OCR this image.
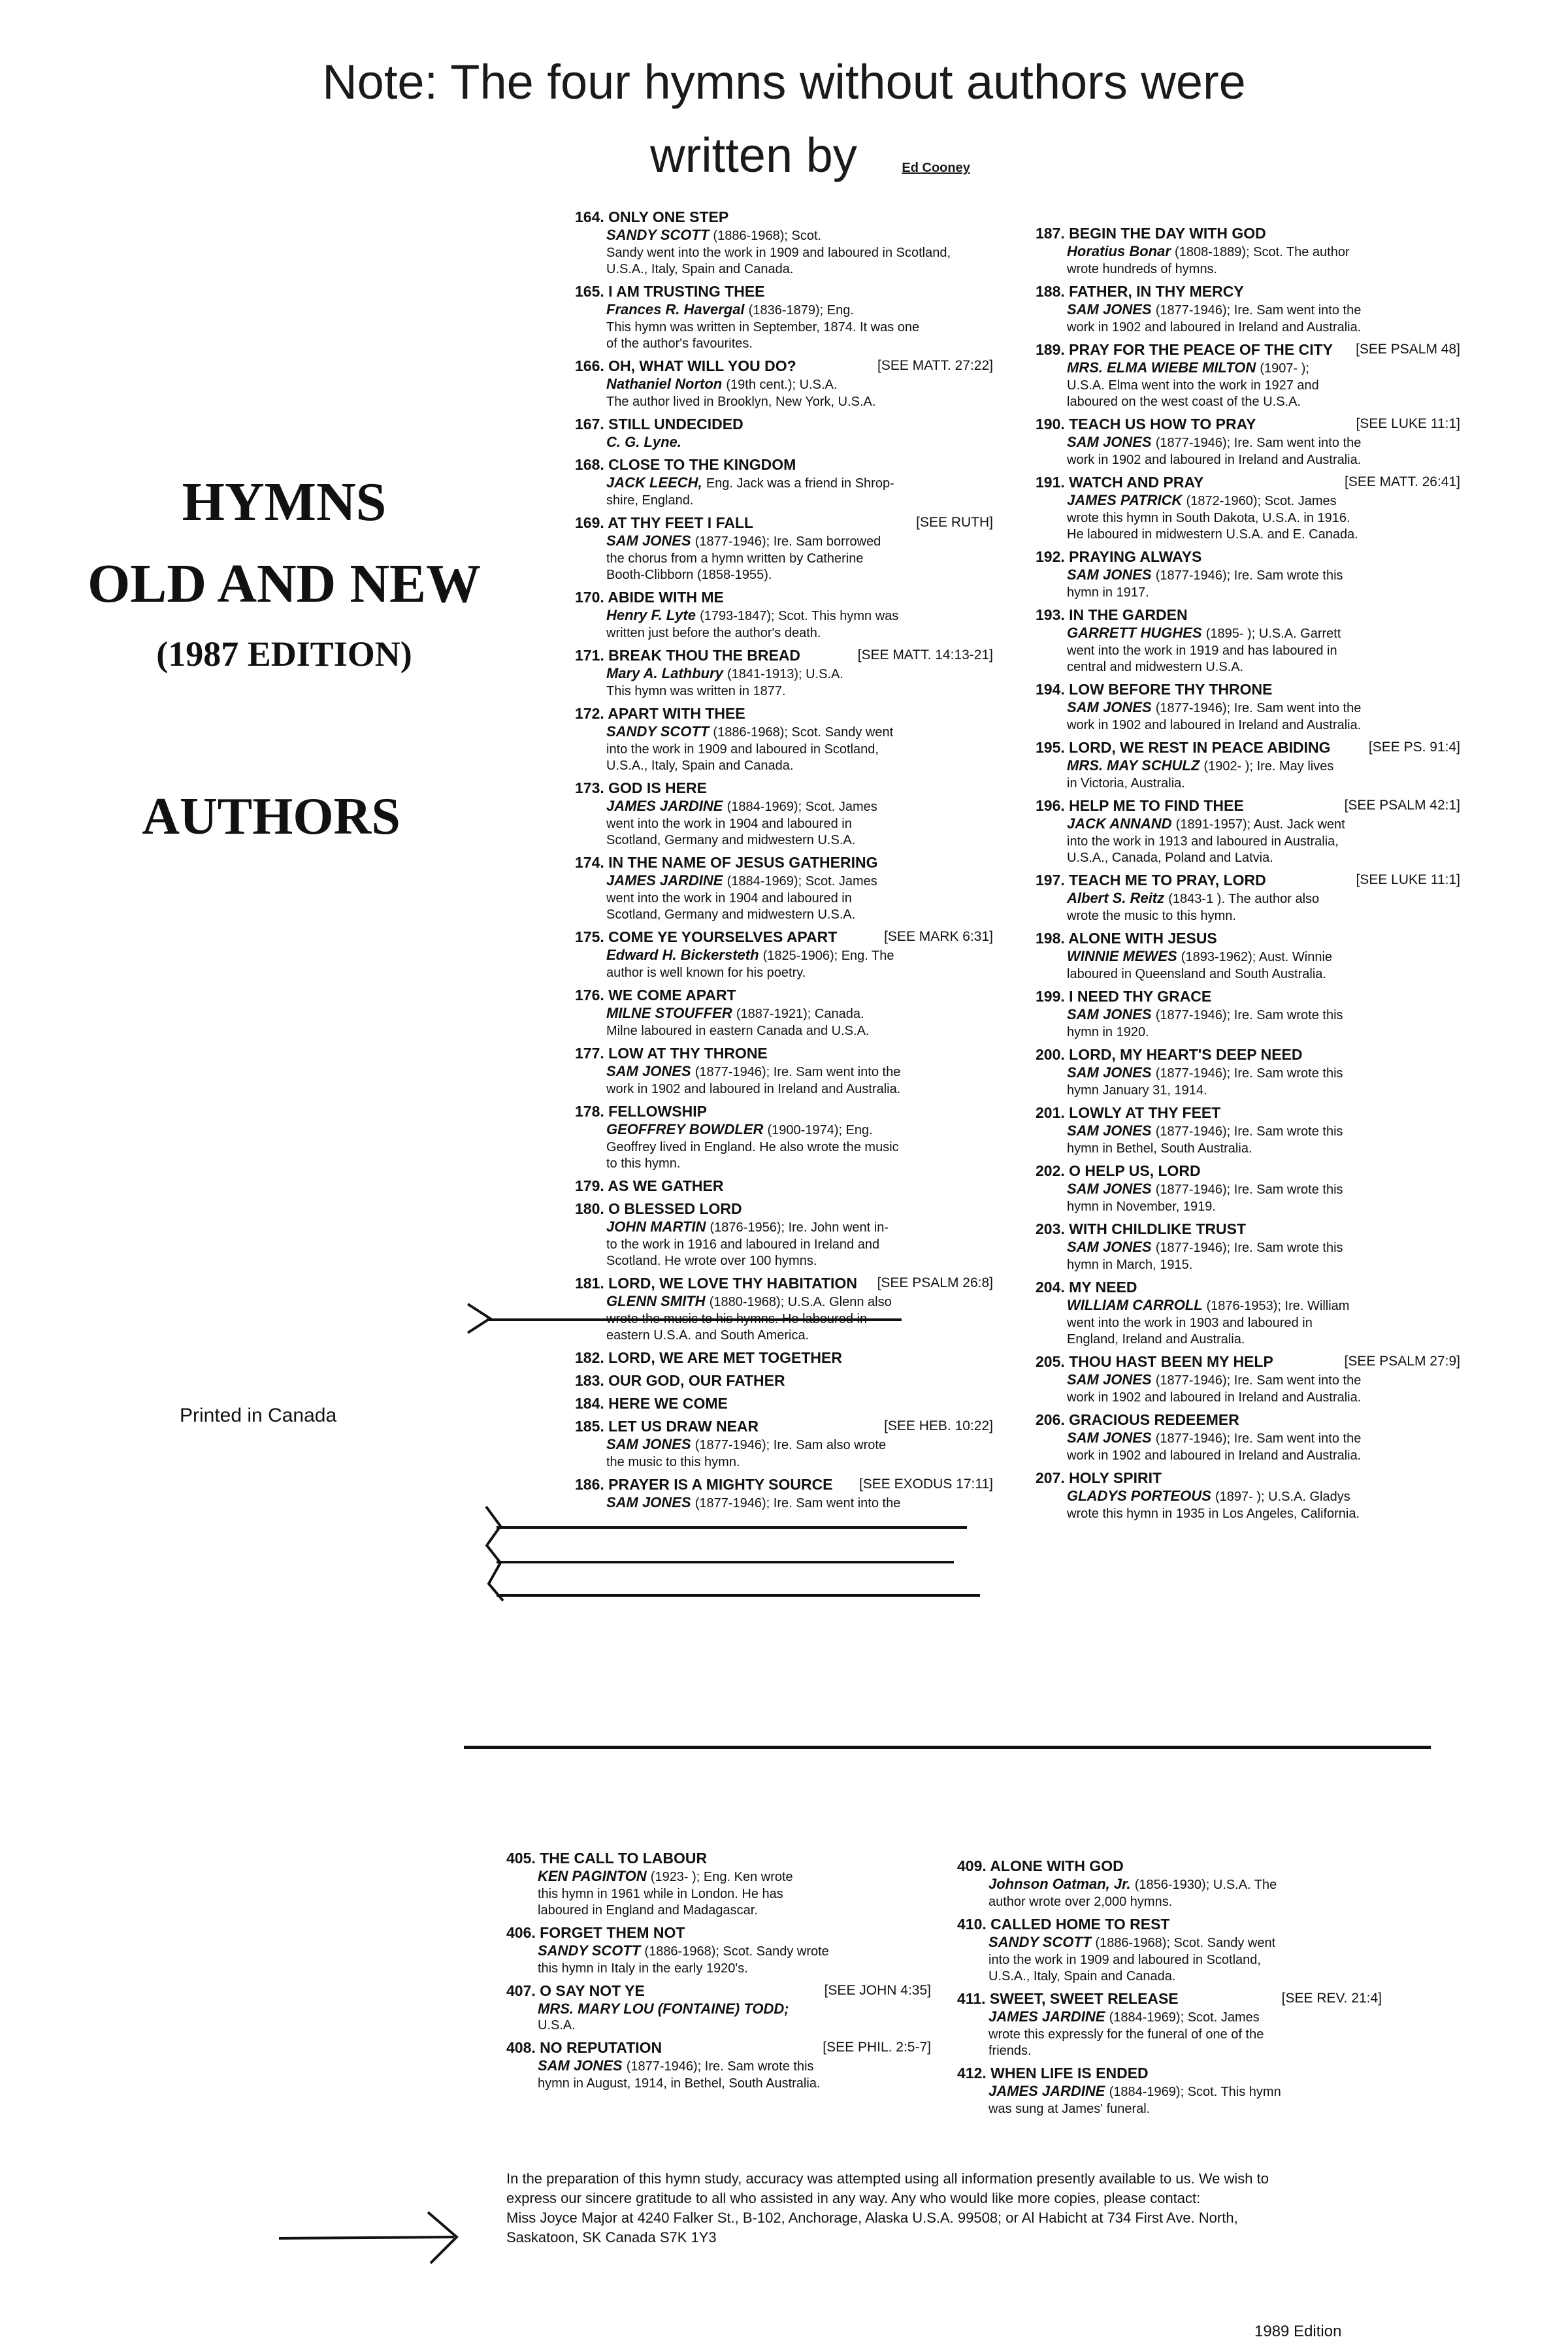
Note: The four hymns without authors were
written by Ed Cooney
HYMNS
OLD AND NEW
(1987 EDITION)
AUTHORS
Printed in Canada
164. ONLY ONE STEP
SANDY SCOTT (1886-1968); Scot.
Sandy went into the work in 1909 and laboured in Scotland,
U.S.A., Italy, Spain and Canada.
165. I AM TRUSTING THEE
Frances R. Havergal (1836-1879); Eng.
This hymn was written in September, 1874. It was one
of the author's favourites.
166. OH, WHAT WILL YOU DO?	[SEE MATT. 27:22]
Nathaniel Norton (19th cent.); U.S.A.
The author lived in Brooklyn, New York, U.S.A.
167. STILL UNDECIDED
C. G. Lyne.
168. CLOSE TO THE KINGDOM
JACK LEECH, Eng. Jack was a friend in Shrop-
shire, England.
169. AT THY FEET I FALL	[SEE RUTH]
SAM JONES (1877-1946); Ire. Sam borrowed
the chorus from a hymn written by Catherine
Booth-Clibborn (1858-1955).
170. ABIDE WITH ME
Henry F. Lyte (1793-1847); Scot. This hymn was
written just before the author's death.
171. BREAK THOU THE BREAD	[SEE MATT. 14:13-21]
Mary A. Lathbury (1841-1913); U.S.A.
This hymn was written in 1877.
172. APART WITH THEE
SANDY SCOTT (1886-1968); Scot. Sandy went
into the work in 1909 and laboured in Scotland,
U.S.A., Italy, Spain and Canada.
173. GOD IS HERE
JAMES JARDINE (1884-1969); Scot. James
went into the work in 1904 and laboured in
Scotland, Germany and midwestern U.S.A.
174. IN THE NAME OF JESUS GATHERING
JAMES JARDINE (1884-1969); Scot. James
went into the work in 1904 and laboured in
Scotland, Germany and midwestern U.S.A.
175. COME YE YOURSELVES APART	[SEE MARK 6:31]
Edward H. Bickersteth (1825-1906); Eng. The
author is well known for his poetry.
176. WE COME APART
MILNE STOUFFER (1887-1921); Canada.
Milne laboured in eastern Canada and U.S.A.
177. LOW AT THY THRONE
SAM JONES (1877-1946); Ire. Sam went into the
work in 1902 and laboured in Ireland and Australia.
178. FELLOWSHIP
GEOFFREY BOWDLER (1900-1974); Eng.
Geoffrey lived in England. He also wrote the music
to this hymn.
179. AS WE GATHER
180. O BLESSED LORD
JOHN MARTIN (1876-1956); Ire. John went in-
to the work in 1916 and laboured in Ireland and
Scotland. He wrote over 100 hymns.
181. LORD, WE LOVE THY HABITATION [SEE PSALM 26:8]
GLENN SMITH (1880-1968); U.S.A. Glenn also
eastern U.S.A. and South America.
182. LORD, WE ARE MET TOGETHER
183. OUR GOD, OUR FATHER
184. HERE WE COME
185. LET US DRAW NEAR	[SEE HEB. 10:22]
SAM JONES (1877-1946); Ire. Sam also wrote
the music to this hymn.
186. PRAYER IS A MIGHTY SOURCE [SEE EXODUS 17:11]
SAM JONES (1877-1946); Ire. Sam went into the
187. BEGIN THE DAY WITH GOD
Horatius Bonar (1808-1889); Scot. The author
wrote hundreds of hymns.
188. FATHER, IN THY MERCY
SAM JONES (1877-1946); Ire. Sam went into the
work in 1902 and laboured in Ireland and Australia.
189. PRAY FOR THE PEACE OF THE CITY [SEE PSALM 48]
MRS. ELMA WIEBE MILTON (1907- );
U.S.A. Elma went into the work in 1927 and
laboured on the west coast of the U.S.A.
190. TEACH US HOW TO PRAY	[SEE LUKE 11:1]
SAM JONES (1877-1946); Ire. Sam went into the
work in 1902 and laboured in Ireland and Australia.
191. WATCH AND PRAY	[SEE MATT. 26:41]
JAMES PATRICK (1872-1960); Scot. James
wrote this hymn in South Dakota, U.S.A. in 1916.
He laboured in midwestern U.S.A. and E. Canada.
192. PRAYING ALWAYS
SAM JONES (1877-1946); Ire. Sam wrote this
hymn in 1917.
193. IN THE GARDEN
GARRETT HUGHES (1895- ); U.S.A. Garrett
went into the work in 1919 and has laboured in
central and midwestern U.S.A.
194. LOW BEFORE THY THRONE
SAM JONES (1877-1946); Ire. Sam went into the
work in 1902 and laboured in Ireland and Australia.
195. LORD, WE REST IN PEACE ABIDING	[SEE PS. 91:4]
MRS. MAY SCHULZ (1902- ); Ire. May lives
in Victoria, Australia.
196. HELP ME TO FIND THEE	[SEE PSALM 42:1]
JACK ANNAND (1891-1957); Aust. Jack went
into the work in 1913 and laboured in Australia,
U.S.A., Canada, Poland and Latvia.
197. TEACH ME TO PRAY, LORD	[SEE LUKE 11:1]
Albert S. Reitz (1843-1 ). The author also
wrote the music to this hymn.
198. ALONE WITH JESUS
WINNIE MEWES (1893-1962); Aust. Winnie
laboured in Queensland and South Australia.
199. I NEED THY GRACE
SAM JONES (1877-1946); Ire. Sam wrote this
hymn in 1920.
200. LORD, MY HEART'S DEEP NEED
SAM JONES (1877-1946); Ire. Sam wrote this
hymn January 31, 1914.
201. LOWLY AT THY FEET
SAM JONES (1877-1946); Ire. Sam wrote this
hymn in Bethel, South Australia.
202. O HELP US, LORD
SAM JONES (1877-1946); Ire. Sam wrote this
hymn in November, 1919.
203. WITH CHILDLIKE TRUST
SAM JONES (1877-1946); Ire. Sam wrote this
hymn in March, 1915.
204. MY NEED
WILLIAM CARROLL (1876-1953); Ire. William
went into the work in 1903 and laboured in
England, Ireland and Australia.
205. THOU HAST BEEN MY HELP	[SEE PSALM 27:9]
SAM JONES (1877-1946); Ire. Sam went into the
work in 1902 and laboured in Ireland and Australia.
206. GRACIOUS REDEEMER
SAM JONES (1877-1946); Ire. Sam went into the
work in 1902 and laboured in Ireland and Australia.
207. HOLY SPIRIT
GLADYS PORTEOUS (1897- ); U.S.A. Gladys
wrote this hymn in 1935 in Los Angeles, California.
405. THE CALL TO LABOUR
KEN PAGINTON (1923- ); Eng. Ken wrote
this hymn in 1961 while in London. He has
laboured in England and Madagascar.
406. FORGET THEM NOT
SANDY SCOTT (1886-1968); Scot. Sandy wrote
this hymn in Italy in the early 1920's.
407. O SAY NOT YE	[SEE JOHN 4:35]
MRS. MARY LOU (FONTAINE) TODD;
U.S.A.
408. NO REPUTATION	[SEE PHIL. 2:5-7]
SAM JONES (1877-1946); Ire. Sam wrote this
hymn in August, 1914, in Bethel, South Australia.
409. ALONE WITH GOD
Johnson Oatman, Jr. (1856-1930); U.S.A. The
author wrote over 2,000 hymns.
410. CALLED HOME TO REST
SANDY SCOTT (1886-1968); Scot. Sandy went
into the work in 1909 and laboured in Scotland,
U.S.A., Italy, Spain and Canada.
411. SWEET, SWEET RELEASE	[SEE REV. 21:4]
JAMES JARDINE (1884-1969); Scot. James
wrote this expressly for the funeral of one of the
friends.
412. WHEN LIFE IS ENDED
JAMES JARDINE (1884-1969); Scot. This hymn
was sung at James' funeral.
In the preparation of this hymn study, accuracy was attempted using all information presently available to us. We wish to
express our sincere gratitude to all who assisted in any way. Any who would like more copies, please contact:
Miss Joyce Major at 4240 Falker St., B-102, Anchorage, Alaska U.S.A. 99508; or Al Habicht at 734 First Ave. North,
Saskatoon, SK Canada S7K 1Y3
1989 Edition
